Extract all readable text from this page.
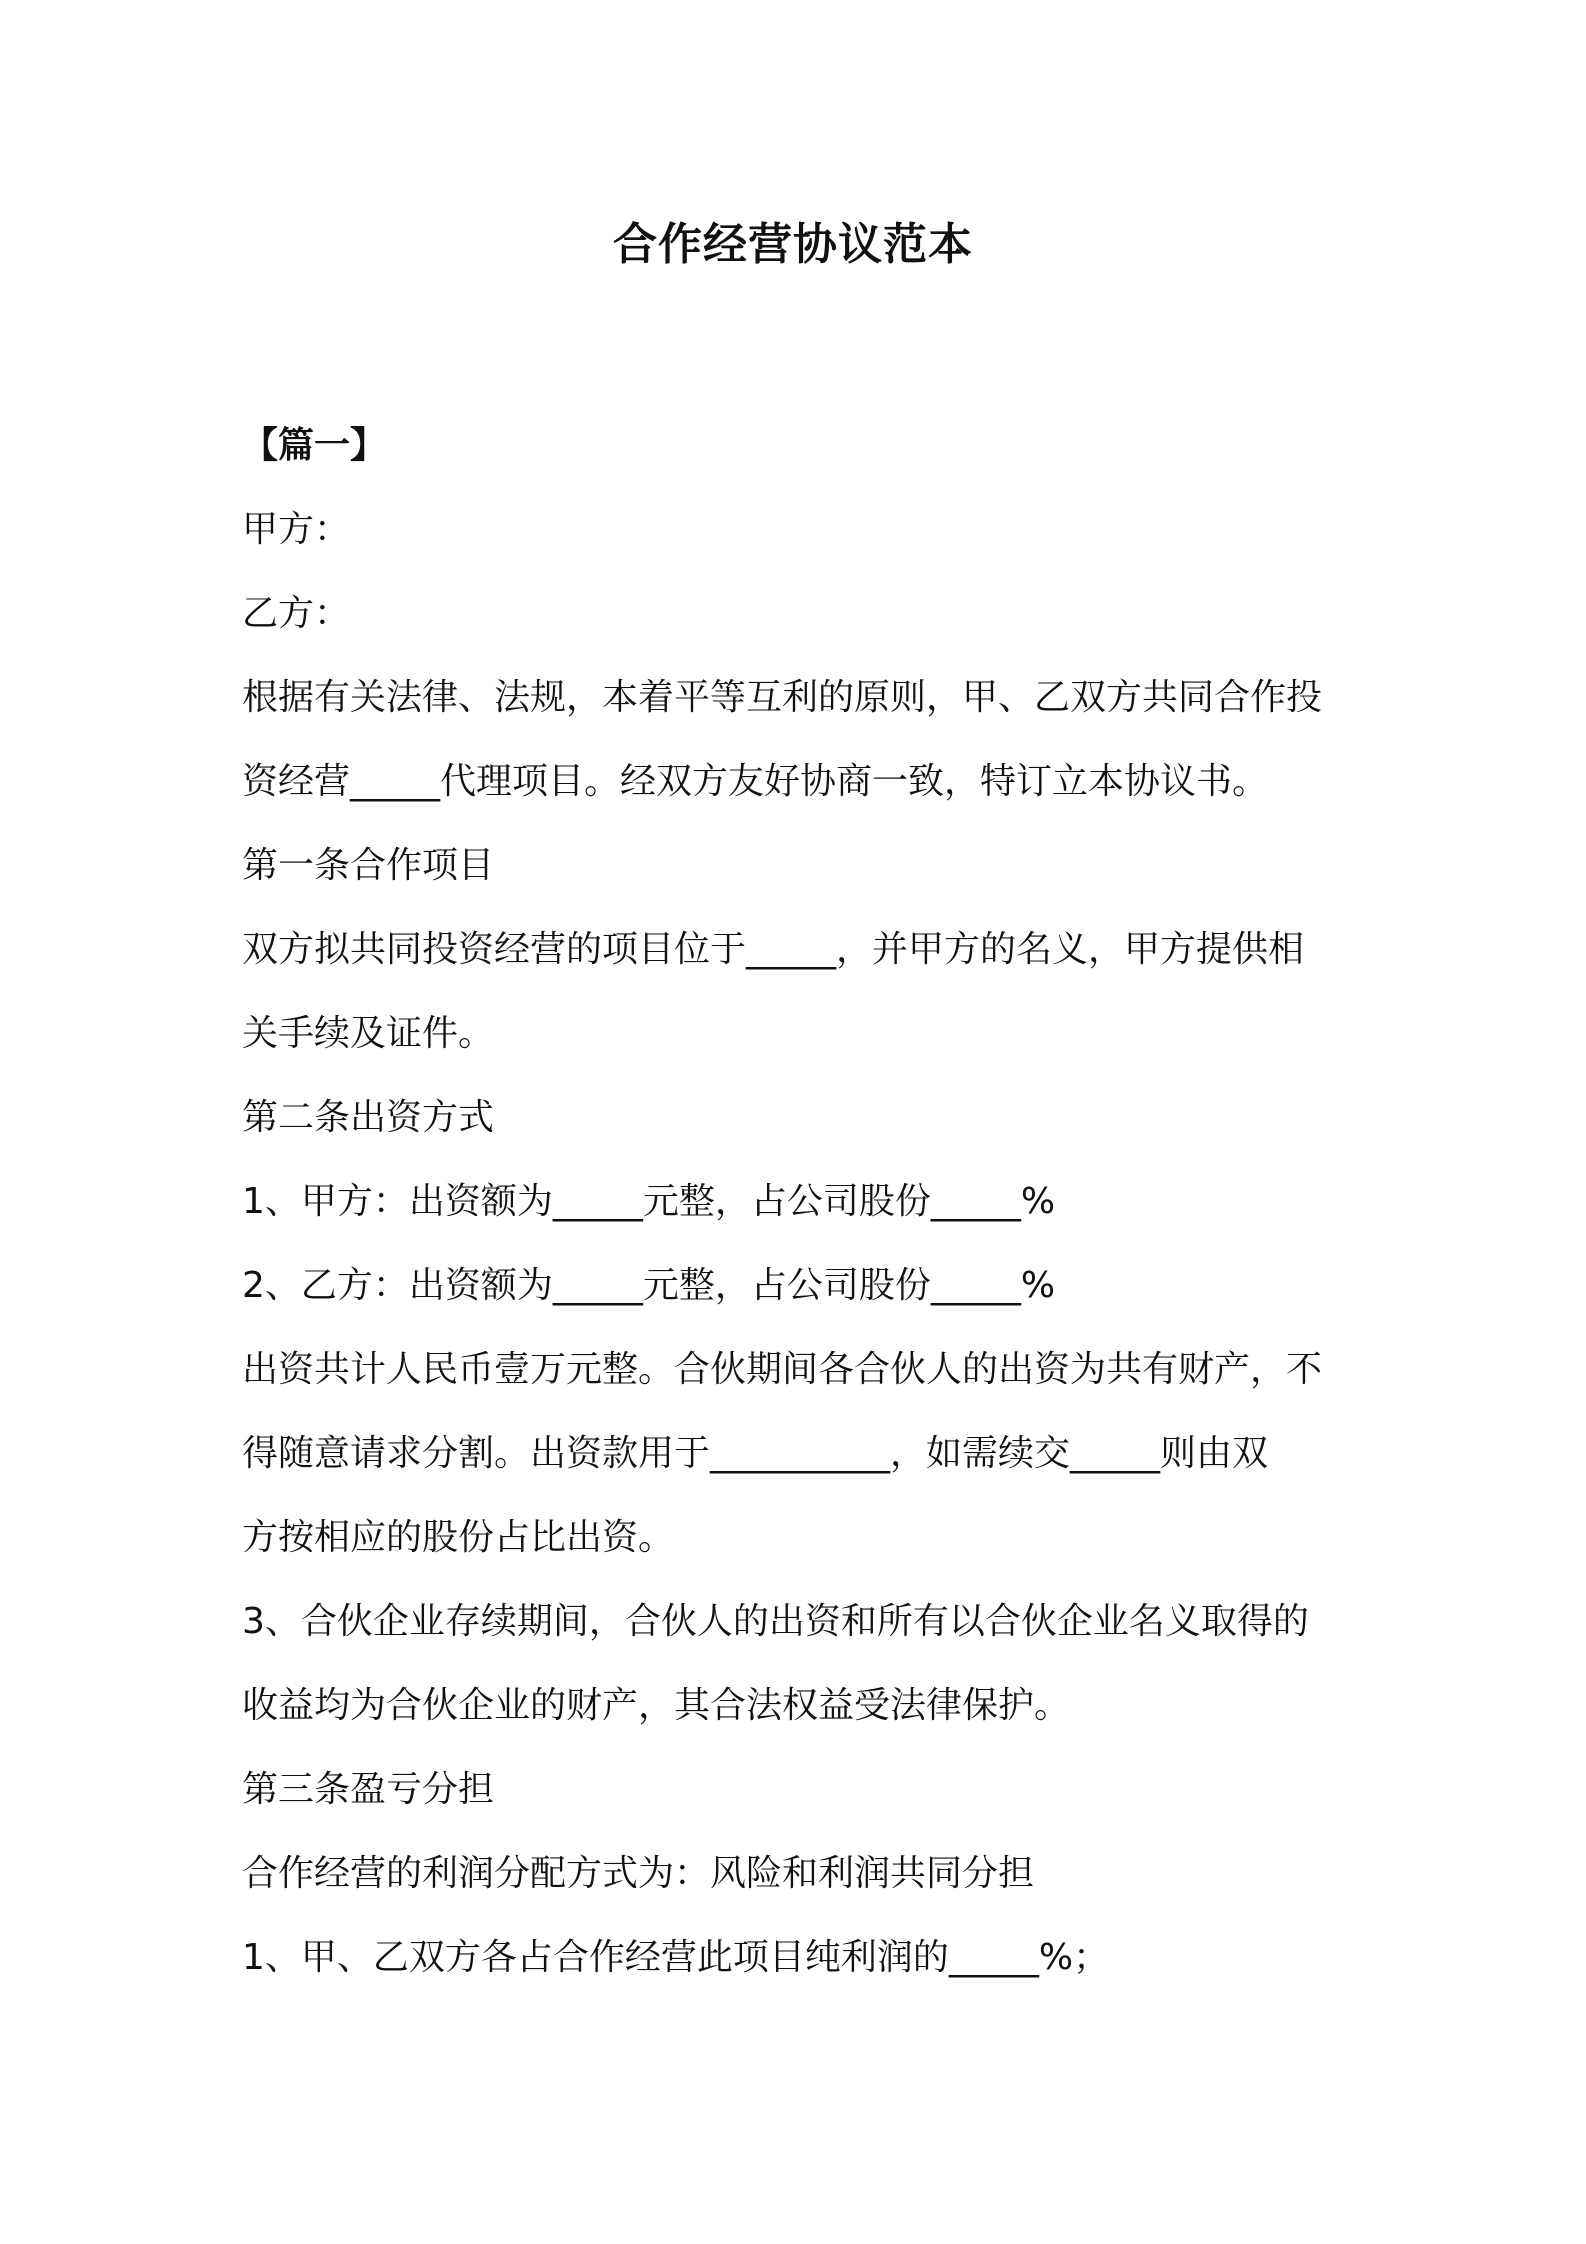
合作经营协议范本
【篇一】
甲方：
乙方：
根据有关法律、法规，本着平等互利的原则，甲、乙双方共同合作投
资经营_____代理项目。经双方友好协商一致，特订立本协议书。
第一条合作项目
双方拟共同投资经营的项目位于_____，并甲方的名义，甲方提供相
关手续及证件。
第二条出资方式
1、甲方：出资额为_____元整，占公司股份_____%
2、乙方：出资额为_____元整，占公司股份_____%
出资共计人民币壹万元整。合伙期间各合伙人的出资为共有财产，不
得随意请求分割。出资款用于__________，如需续交_____则由双
方按相应的股份占比出资。
3、合伙企业存续期间，合伙人的出资和所有以合伙企业名义取得的
收益均为合伙企业的财产，其合法权益受法律保护。
第三条盈亏分担
合作经营的利润分配方式为：风险和利润共同分担
1、甲、乙双方各占合作经营此项目纯利润的_____%；
